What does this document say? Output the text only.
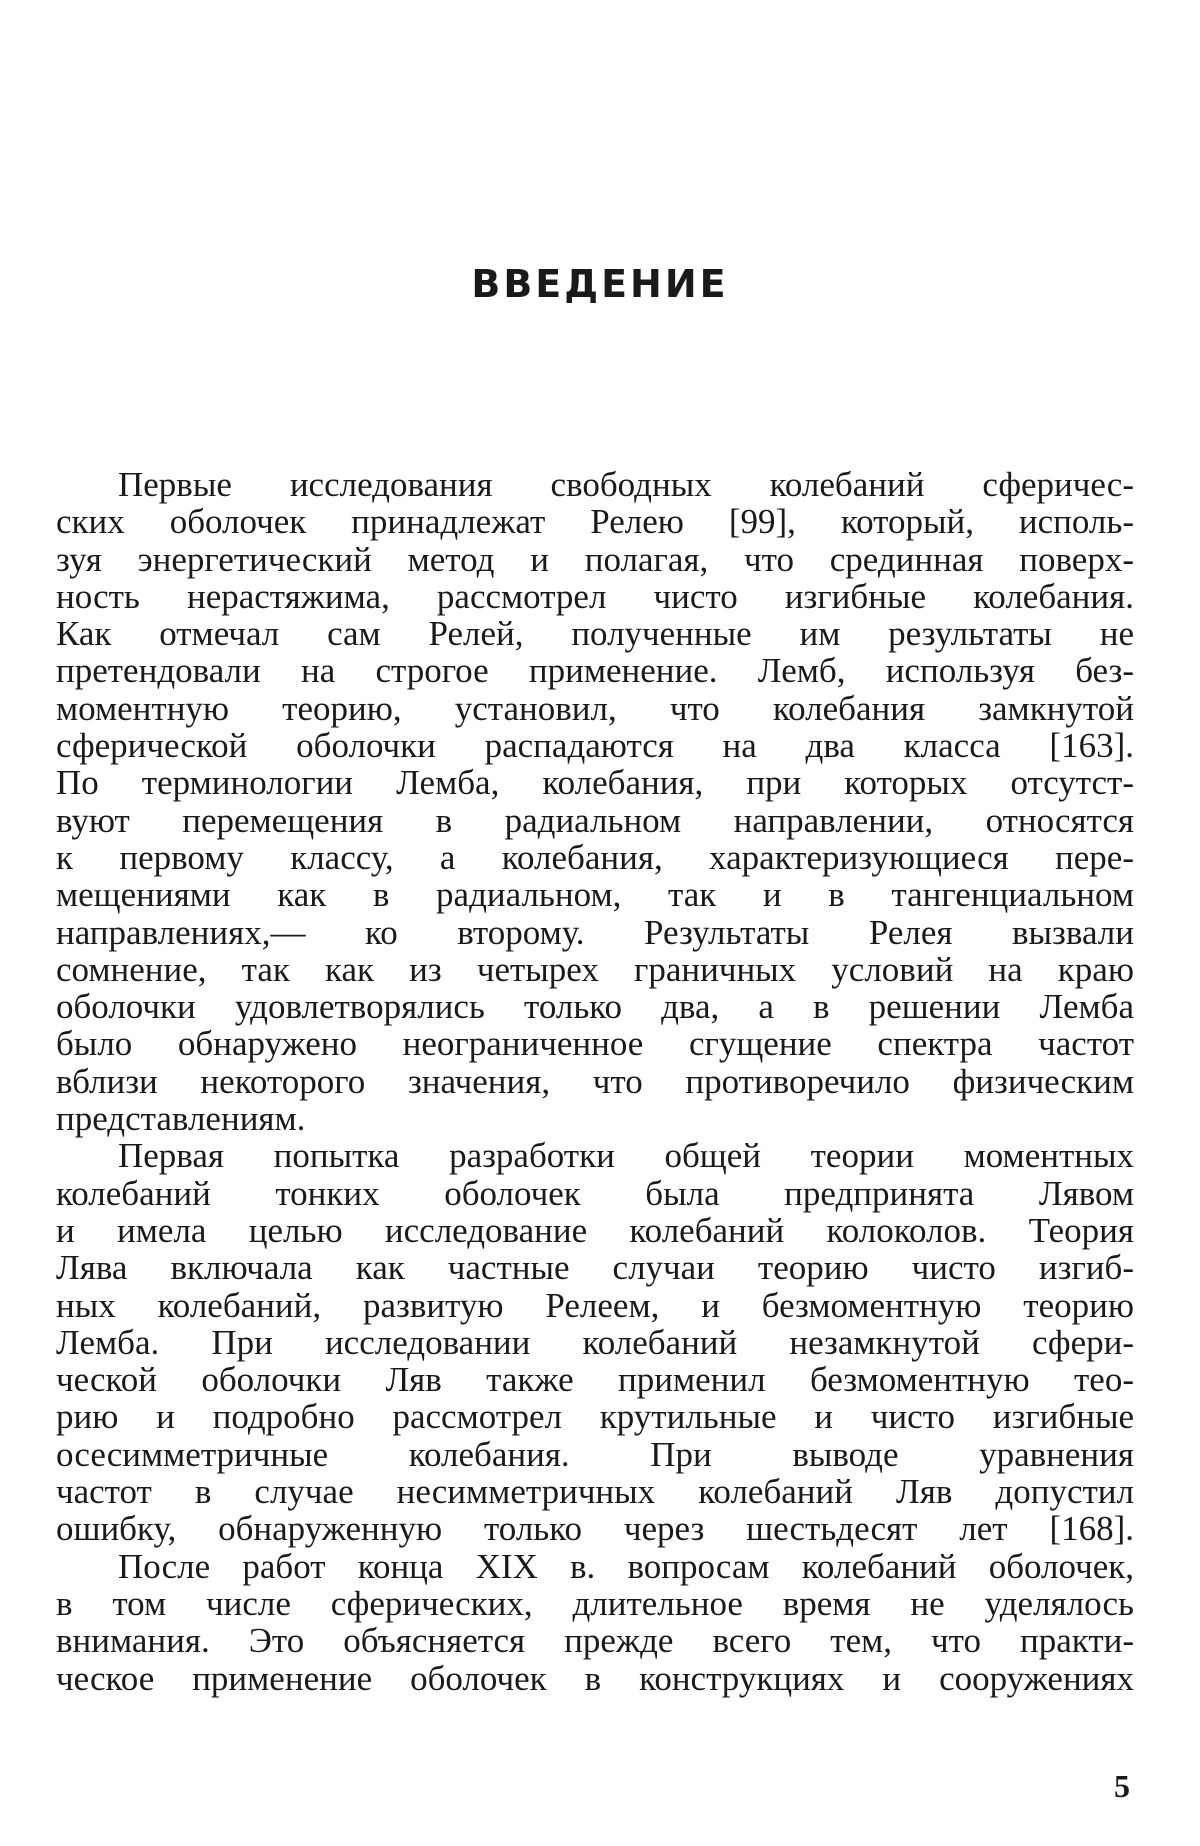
ВВЕДЕНИЕ
Первые исследования свободных колебаний сферичес-
ских оболочек принадлежат Релею [99], который, исполь-
зуя энергетический метод и полагая, что срединная поверх-
ность нерастяжима, рассмотрел чисто изгибные колебания.
Как отмечал сам Релей, полученные им результаты не
претендовали на строгое применение. Лемб, используя без-
моментную теорию, установил, что колебания замкнутой
сферической оболочки распадаются на два класса [163].
По терминологии Лемба, колебания, при которых отсутст-
вуют перемещения в радиальном направлении, относятся
к первому классу, а колебания, характеризующиеся пере-
мещениями как в радиальном, так и в тангенциальном
направлениях,— ко второму. Результаты Релея вызвали
сомнение, так как из четырех граничных условий на краю
оболочки удовлетворялись только два, а в решении Лемба
было обнаружено неограниченное сгущение спектра частот
вблизи некоторого значения, что противоречило физическим
представлениям.
Первая попытка разработки общей теории моментных
колебаний тонких оболочек была предпринята Лявом
и имела целью исследование колебаний колоколов. Теория
Лява включала как частные случаи теорию чисто изгиб-
ных колебаний, развитую Релеем, и безмоментную теорию
Лемба. При исследовании колебаний незамкнутой сфери-
ческой оболочки Ляв также применил безмоментную тео-
рию и подробно рассмотрел крутильные и чисто изгибные
осесимметричные колебания. При выводе уравнения
частот в случае несимметричных колебаний Ляв допустил
ошибку, обнаруженную только через шестьдесят лет [168].
После работ конца XIX в. вопросам колебаний оболочек,
в том числе сферических, длительное время не уделялось
внимания. Это объясняется прежде всего тем, что практи-
ческое применение оболочек в конструкциях и сооружениях
5
